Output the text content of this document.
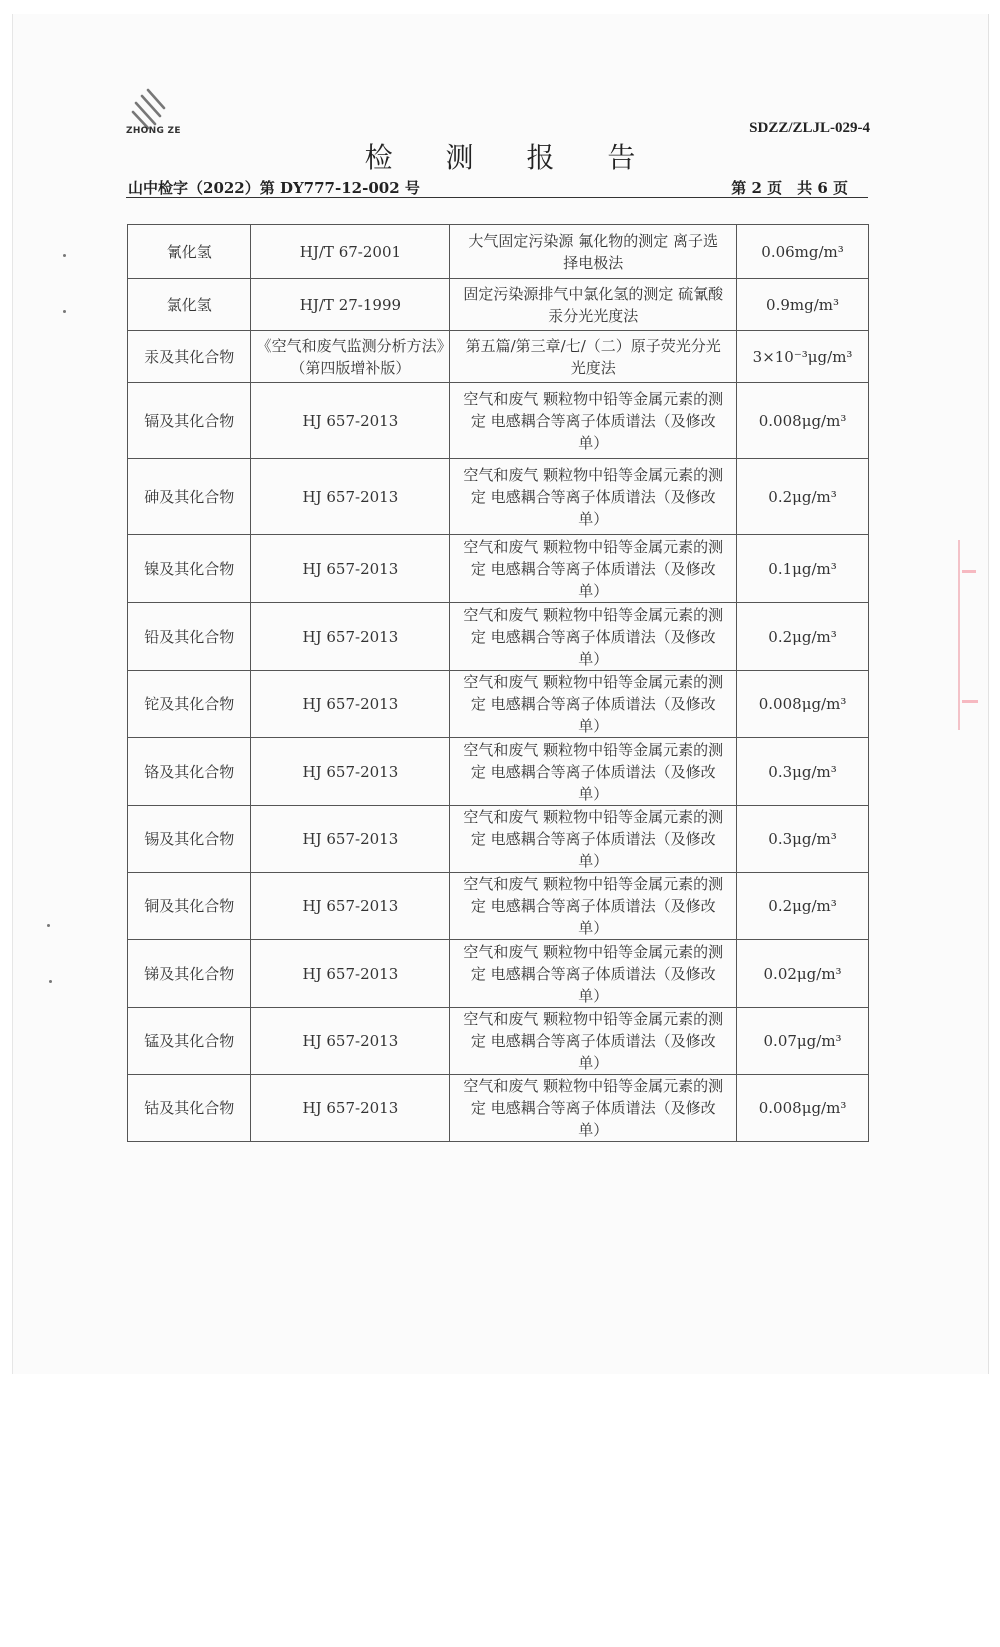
ZHONG ZE	SDZZ/ZLJL-029-4
检 测 报 告
山中检字（2022）第 DY777-12-002 号	第 2 页　共 6 页
氰化氢	HJ/T 67-2001	大气固定污染源 氟化物的测定 离子选择电极法	0.06mg/m³
氯化氢	HJ/T 27-1999	固定污染源排气中氯化氢的测定 硫氰酸汞分光光度法	0.9mg/m³
汞及其化合物	《空气和废气监测分析方法》（第四版增补版）	第五篇/第三章/七/（二）原子荧光分光光度法	3×10⁻³μg/m³
镉及其化合物	HJ 657-2013	空气和废气 颗粒物中铅等金属元素的测定 电感耦合等离子体质谱法（及修改单）	0.008μg/m³
砷及其化合物	HJ 657-2013	空气和废气 颗粒物中铅等金属元素的测定 电感耦合等离子体质谱法（及修改单）	0.2μg/m³
镍及其化合物	HJ 657-2013	空气和废气 颗粒物中铅等金属元素的测定 电感耦合等离子体质谱法（及修改单）	0.1μg/m³
铅及其化合物	HJ 657-2013	空气和废气 颗粒物中铅等金属元素的测定 电感耦合等离子体质谱法（及修改单）	0.2μg/m³
铊及其化合物	HJ 657-2013	空气和废气 颗粒物中铅等金属元素的测定 电感耦合等离子体质谱法（及修改单）	0.008μg/m³
铬及其化合物	HJ 657-2013	空气和废气 颗粒物中铅等金属元素的测定 电感耦合等离子体质谱法（及修改单）	0.3μg/m³
锡及其化合物	HJ 657-2013	空气和废气 颗粒物中铅等金属元素的测定 电感耦合等离子体质谱法（及修改单）	0.3μg/m³
铜及其化合物	HJ 657-2013	空气和废气 颗粒物中铅等金属元素的测定 电感耦合等离子体质谱法（及修改单）	0.2μg/m³
锑及其化合物	HJ 657-2013	空气和废气 颗粒物中铅等金属元素的测定 电感耦合等离子体质谱法（及修改单）	0.02μg/m³
锰及其化合物	HJ 657-2013	空气和废气 颗粒物中铅等金属元素的测定 电感耦合等离子体质谱法（及修改单）	0.07μg/m³
钴及其化合物	HJ 657-2013	空气和废气 颗粒物中铅等金属元素的测定 电感耦合等离子体质谱法（及修改单）	0.008μg/m³
